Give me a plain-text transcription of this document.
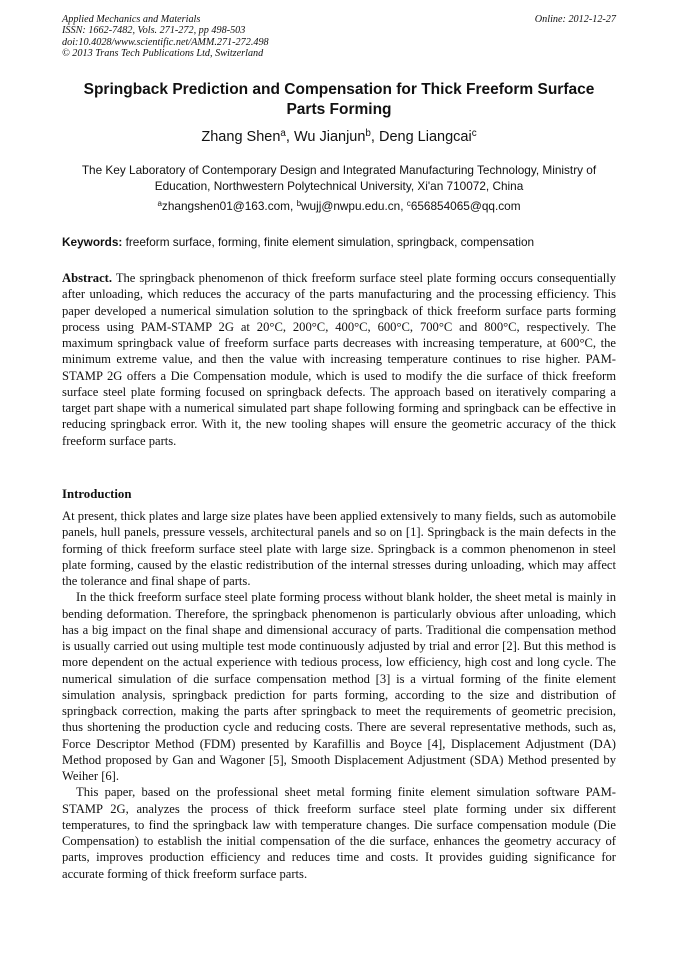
Applied Mechanics and Materials
ISSN: 1662-7482, Vols. 271-272, pp 498-503
doi:10.4028/www.scientific.net/AMM.271-272.498
© 2013 Trans Tech Publications Ltd, Switzerland
Online: 2012-12-27
Springback Prediction and Compensation for Thick Freeform Surface
Parts Forming
Zhang Shen$^a$, Wu Jianjun$^b$, Deng Liangcai$^c$
The Key Laboratory of Contemporary Design and Integrated Manufacturing Technology, Ministry of Education, Northwestern Polytechnical University, Xi'an 710072, China
$^a$zhangshen01@163.com, $^b$wujj@nwpu.edu.cn, $^c$656854065@qq.com
Keywords: freeform surface, forming, finite element simulation, springback, compensation

Abstract. The springback phenomenon of thick freeform surface steel plate forming occurs consequentially after unloading, which reduces the accuracy of the parts manufacturing and the processing efficiency. This paper developed a numerical simulation solution to the springback of thick freeform surface parts forming process using PAM-STAMP 2G at 20°C, 200°C, 400°C, 600°C, 700°C and 800°C, respectively. The maximum springback value of freeform surface parts decreases with increasing temperature, at 600°C, the minimum extreme value, and then the value with increasing temperature continues to rise higher. PAM-STAMP 2G offers a Die Compensation module, which is used to modify the die surface of thick freeform surface steel plate forming focused on springback defects. The approach based on iteratively comparing a target part shape with a numerical simulated part shape following forming and springback can be effective in reducing springback error. With it, the new tooling shapes will ensure the geometric accuracy of the thick freeform surface parts.

Introduction

At present, thick plates and large size plates have been applied extensively to many fields, such as automobile panels, hull panels, pressure vessels, architectural panels and so on [1]. Springback is the main defects in the forming of thick freeform surface steel plate with large size. Springback is a common phenomenon in steel plate forming, caused by the elastic redistribution of the internal stresses during unloading, which may affect the tolerance and final shape of parts.

In the thick freeform surface steel plate forming process without blank holder, the sheet metal is mainly in bending deformation. Therefore, the springback phenomenon is particularly obvious after unloading, which has a big impact on the final shape and dimensional accuracy of parts. Traditional die compensation method is usually carried out using multiple test mode continuously adjusted by trial and error [2]. But this method is more dependent on the actual experience with tedious process, low efficiency, high cost and long cycle. The numerical simulation of die surface compensation method [3] is a virtual forming of the finite element simulation analysis, springback prediction for parts forming, according to the size and distribution of springback correction, making the parts after springback to meet the requirements of geometric precision, thus shortening the production cycle and reducing costs. There are several representative methods, such as, Force Descriptor Method (FDM) presented by Karafillis and Boyce [4], Displacement Adjustment (DA) Method proposed by Gan and Wagoner [5], Smooth Displacement Adjustment (SDA) Method presented by Weiher [6].

This paper, based on the professional sheet metal forming finite element simulation software PAM-STAMP 2G, analyzes the process of thick freeform surface steel plate forming under six different temperatures, to find the springback law with temperature changes. Die surface compensation module (Die Compensation) to establish the initial compensation of the die surface, enhances the geometry accuracy of parts, improves production efficiency and reduces time and costs. It provides guiding significance for accurate forming of thick freeform surface parts.
